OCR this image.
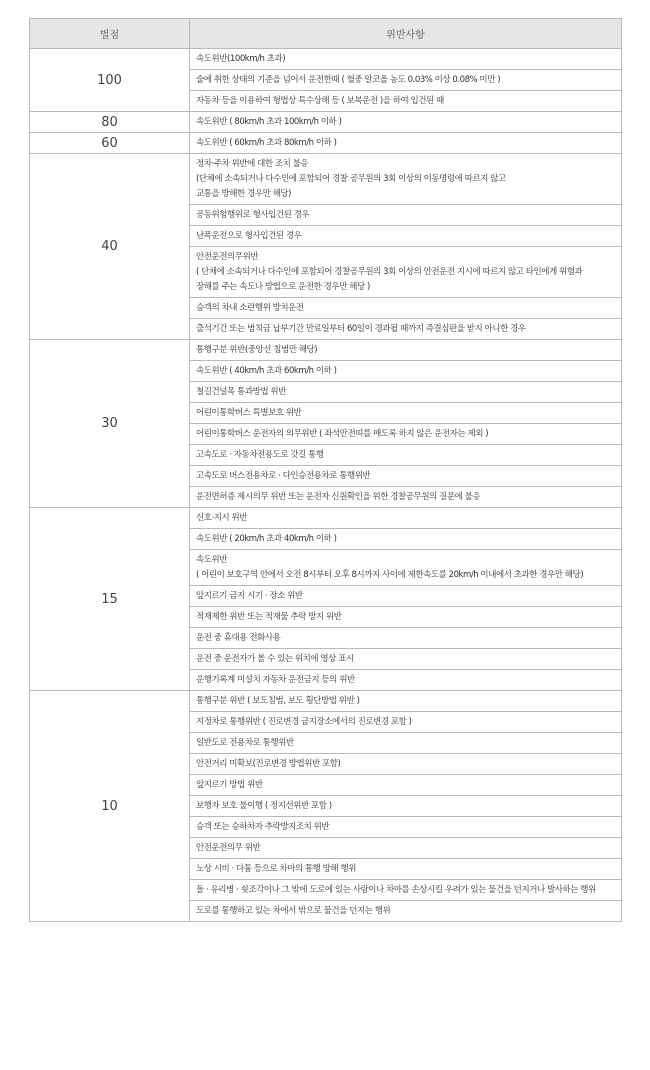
벌점	위반사항
100	속도위반(100km/h 초과)
	술에 취한 상태의 기준을 넘어서 운전한때 ( 혈중 알코올 농도 0.03% 이상 0.08% 미만 )
	자동차 등을 이용하여 형법상 특수상해 등 ( 보복운전 )을 하여 입건된 때
80	속도위반 ( 80km/h 초과 100km/h 이하 )
60	속도위반 ( 60km/h 초과 80km/h 이하 )
40	정차·주차 위반에 대한 조치 불응
(단체에 소속되거나 다수인에 포함되어 경찰 공무원의 3회 이상의 이동명령에 따르지 않고
교통을 방해한 경우만 해당)
	공동위험행위로 형사입건된 경우
	난폭운전으로 형사입건된 경우
	안전운전의무위반
( 단체에 소속되거나 다수인에 포함되어 경찰공무원의 3회 이상의 안전운전 지시에 따르지 않고 타인에게 위험과
장해를 주는 속도나 방법으로 운전한 경우만 해당 )
	승객의 차내 소란행위 방치운전
	출석기간 또는 범칙금 납부기간 만료일부터 60일이 경과될 때까지 즉결심판을 받지 아니한 경우
30	통행구분 위반(중앙선 침범만 해당)
	속도위반 ( 40km/h 초과 60km/h 이하 )
	철길건널목 통과방법 위반
	어린이통학버스 특별보호 위반
	어린이통학버스 운전자의 의무위반 ( 좌석안전띠를 매도록 하지 않은 운전자는 제외 )
	고속도로 · 자동차전용도로 갓길 통행
	고속도로 버스전용차로 · 다인승전용차로 통행위반
	운전면허증 제시의무 위반 또는 운전자 신원확인을 위한 경찰공무원의 질문에 불응
15	신호·지시 위반
	속도위반 ( 20km/h 초과 40km/h 이하 )
	속도위반
( 어린이 보호구역 안에서 오전 8시부터 오후 8시까지 사이에 제한속도를 20km/h 이내에서 초과한 경우만 해당)
	앞지르기 금지 시기 · 장소 위반
	적재제한 위반 또는 적재물 추락 방지 위반
	운전 중 휴대용 전화사용
	운전 중 운전자가 볼 수 있는 위치에 영상 표시
	운행기록계 미설치 자동차 운전금지 등의 위반
10	통행구분 위반 ( 보도침범, 보도 횡단방법 위반 )
	지정차로 통행위반 ( 진로변경 금지장소에서의 진로변경 포함 )
	일반도로 전용차로 통행위반
	안전거리 미확보(진로변경 방법위반 포함)
	앞지르기 방법 위반
	보행자 보호 불이행 ( 정지선위반 포함 )
	승객 또는 승하차자 추락방지조치 위반
	안전운전의무 위반
	노상 시비 · 다툼 등으로 차마의 통행 방해 행위
	돌 · 유리병 · 쇳조각이나 그 밖에 도로에 있는 사람이나 차마를 손상시킬 우려가 있는 물건을 던지거나 발사하는 행위
	도로를 통행하고 있는 차에서 밖으로 물건을 던지는 행위
